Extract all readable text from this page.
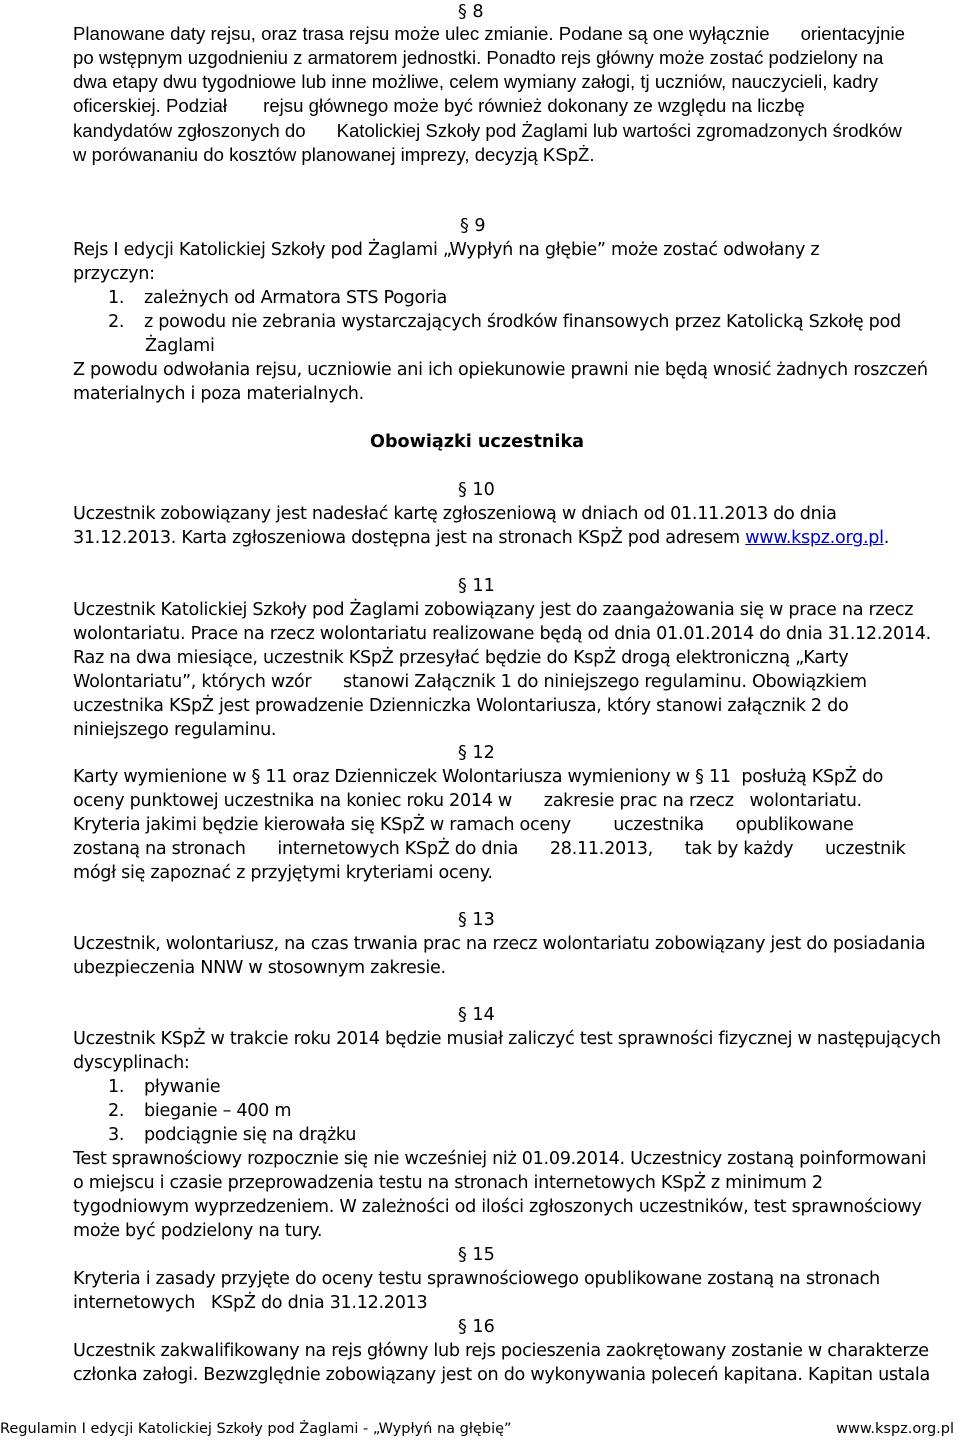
§ 8
Planowane daty rejsu, oraz trasa rejsu może ulec zmianie. Podane są one wyłącznie      orientacyjnie
po wstępnym uzgodnieniu z armatorem jednostki. Ponadto rejs główny może zostać podzielony na
dwa etapy dwu tygodniowe lub inne możliwe, celem wymiany załogi, tj uczniów, nauczycieli, kadry
oficerskiej. Podział       rejsu głównego może być również dokonany ze względu na liczbę
kandydatów zgłoszonych do      Katolickiej Szkoły pod Żaglami lub wartości zgromadzonych środków
w porówananiu do kosztów planowanej imprezy, decyzją KSpŻ.
§ 9
Rejs I edycji Katolickiej Szkoły pod Żaglami „Wypłyń na głębie” może zostać odwołany z
przyczyn:
1. zależnych od Armatora STS Pogoria
2. z powodu nie zebrania wystarczających środków finansowych przez Katolicką Szkołę pod
Żaglami
Z powodu odwołania rejsu, uczniowie ani ich opiekunowie prawni nie będą wnosić żadnych roszczeń
materialnych i poza materialnych.
Obowiązki uczestnika
§ 10
Uczestnik zobowiązany jest nadesłać kartę zgłoszeniową w dniach od 01.11.2013 do dnia
31.12.2013. Karta zgłoszeniowa dostępna jest na stronach KSpŻ pod adresem www.kspz.org.pl.
§ 11
Uczestnik Katolickiej Szkoły pod Żaglami zobowiązany jest do zaangażowania się w prace na rzecz
wolontariatu. Prace na rzecz wolontariatu realizowane będą od dnia 01.01.2014 do dnia 31.12.2014.
Raz na dwa miesiące, uczestnik KSpŻ przesyłać będzie do KspŻ drogą elektroniczną „Karty
Wolontariatu”, których wzór      stanowi Załącznik 1 do niniejszego regulaminu. Obowiązkiem
uczestnika KSpŻ jest prowadzenie Dzienniczka Wolontariusza, który stanowi załącznik 2 do
niniejszego regulaminu.
§ 12
Karty wymienione w § 11 oraz Dzienniczek Wolontariusza wymieniony w § 11  posłużą KSpŻ do
oceny punktowej uczestnika na koniec roku 2014 w      zakresie prac na rzecz   wolontariatu.
Kryteria jakimi będzie kierowała się KSpŻ w ramach oceny        uczestnika      opublikowane
zostaną na stronach      internetowych KSpŻ do dnia      28.11.2013,      tak by każdy      uczestnik
mógł się zapoznać z przyjętymi kryteriami oceny.
§ 13
Uczestnik, wolontariusz, na czas trwania prac na rzecz wolontariatu zobowiązany jest do posiadania
ubezpieczenia NNW w stosownym zakresie.
§ 14
Uczestnik KSpŻ w trakcie roku 2014 będzie musiał zaliczyć test sprawności fizycznej w następujących
dyscyplinach:
1. pływanie
2. bieganie – 400 m
3. podciągnie się na drążku
Test sprawnościowy rozpocznie się nie wcześniej niż 01.09.2014. Uczestnicy zostaną poinformowani
o miejscu i czasie przeprowadzenia testu na stronach internetowych KSpŻ z minimum 2
tygodniowym wyprzedzeniem. W zależności od ilości zgłoszonych uczestników, test sprawnościowy
może być podzielony na tury.
§ 15
Kryteria i zasady przyjęte do oceny testu sprawnościowego opublikowane zostaną na stronach
internetowych   KSpŻ do dnia 31.12.2013
§ 16
Uczestnik zakwalifikowany na rejs główny lub rejs pocieszenia zaokrętowany zostanie w charakterze
członka załogi. Bezwzględnie zobowiązany jest on do wykonywania poleceń kapitana. Kapitan ustala
Regulamin I edycji Katolickiej Szkoły pod Żaglami - „Wypłyń na głębię”	www.kspz.org.pl
